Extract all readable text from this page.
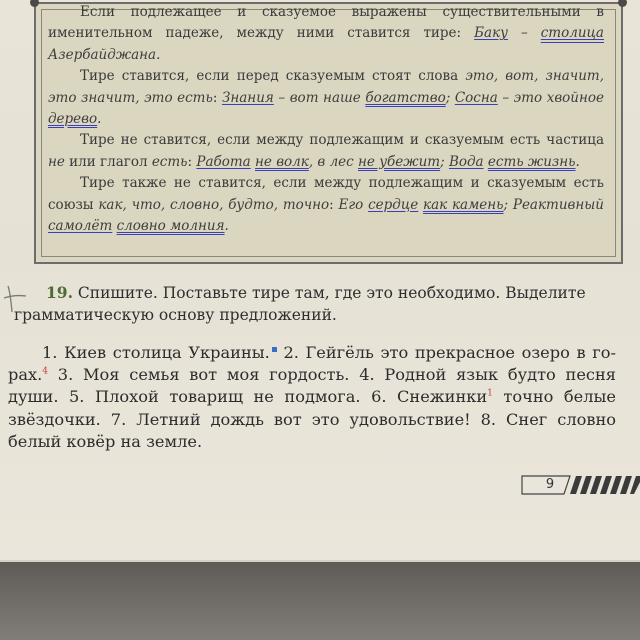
Если подлежащее и сказуемое выражены существительными в именительном падеже, между ними ставится тире: Баку – столица Азербайджана.

Тире ставится, если перед сказуемым стоят слова это, вот, значит, это значит, это есть: Знания – вот наше богатство; Сосна – это хвойное дерево.

Тире не ставится, если между подлежащим и сказуемым есть частица не или глагол есть: Работа не волк, в лес не убежит; Вода есть жизнь.

Тире также не ставится, если между подлежащим и сказуемым есть союзы как, что, словно, будто, точно: Его сердце как камень; Реактивный самолёт словно молния.

19. Спишите. Поставьте тире там, где это необходимо. Выделите грамматическую основу предложений.

1. Киев столица Украины. 2. Гейгёль это прекрасное озеро в горах.$^4$ 3. Моя семья вот моя гордость. 4. Родной язык будто песня души. 5. Плохой товарищ не подмога. 6. Снежинки$^1$ точно белые звёздочки. 7. Летний дождь вот это удовольствие! 8. Снег словно белый ковёр на земле.

9
